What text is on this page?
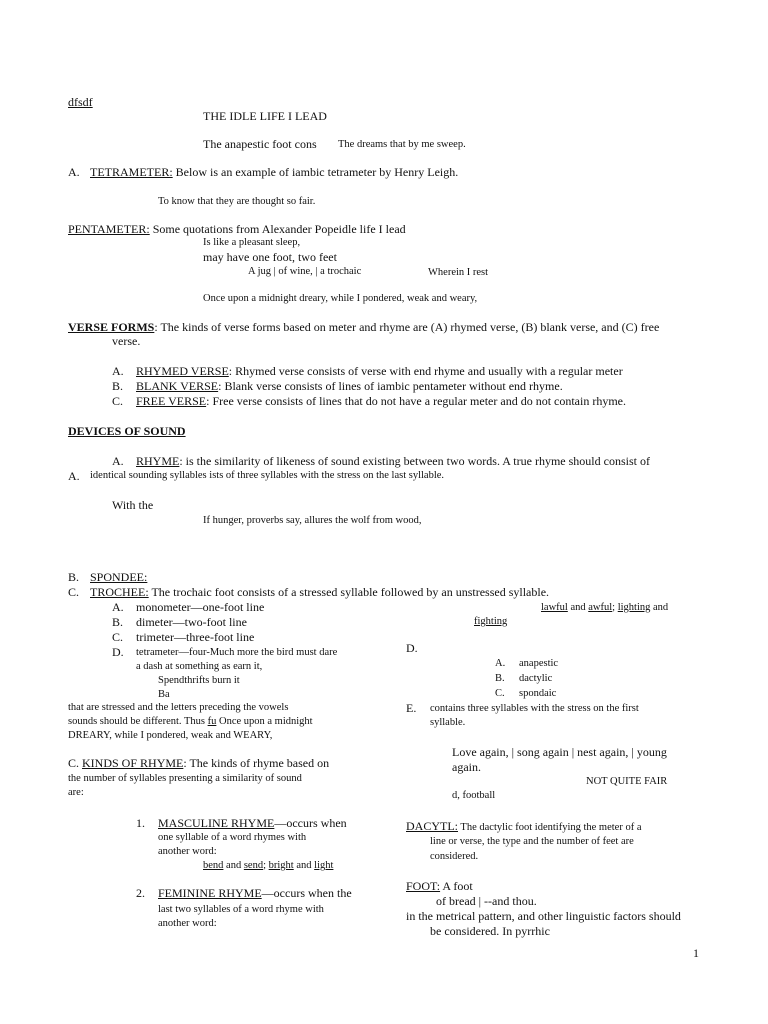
dfsdf
THE IDLE LIFE I LEAD
The anapestic foot cons The dreams that by me sweep.
A. TETRAMETER: Below is an example of iambic tetrameter by Henry Leigh.
To know that they are thought so fair.
PENTAMETER: Some quotations from Alexander Popeidle life I lead
Is like a pleasant sleep,
may have one foot, two feet
A jug | of wine, | a trochaic	Wherein I rest
Once upon a midnight dreary, while I pondered, weak and weary,
VERSE FORMS: The kinds of verse forms based on meter and rhyme are (A) rhymed verse, (B) blank verse, and (C) free
verse.
A. RHYMED VERSE: Rhymed verse consists of verse with end rhyme and usually with a regular meter
B. BLANK VERSE: Blank verse consists of lines of iambic pentameter without end rhyme.
C. FREE VERSE: Free verse consists of lines that do not have a regular meter and do not contain rhyme.
DEVICES OF SOUND
A. RHYME: is the similarity of likeness of sound existing between two words. A true rhyme should consist of
A. identical sounding syllables ists of three syllables with the stress on the last syllable.
With the
If hunger, proverbs say, allures the wolf from wood,
B. SPONDEE:
C. TROCHEE: The trochaic foot consists of a stressed syllable followed by an unstressed syllable.
lawful and awful; lighting and
fighting
A. monometer—one-foot line
B. dimeter—two-foot line
C. trimeter—three-foot line
D. tetrameter—four-Much more the bird must dare
a dash at something as earn it,
Spendthrifts burn it
Ba
that are stressed and the letters preceding the vowels
sounds should be different. Thus fu Once upon a midnight
DREARY, while I pondered, weak and WEARY,
D.
A. anapestic
B. dactylic
C. spondaic
E. contains three syllables with the stress on the first
syllable.
Love again, | song again | nest again, | young
again.
NOT QUITE FAIR
d, football
C. KINDS OF RHYME: The kinds of rhyme based on
the number of syllables presenting a similarity of sound
are:
1. MASCULINE RHYME—occurs when
one syllable of a word rhymes with
another word:
bend and send; bright and light
2. FEMININE RHYME—occurs when the
last two syllables of a word rhyme with
another word:
DACYTL: The dactylic foot identifying the meter of a
line or verse, the type and the number of feet are
considered.
FOOT: A foot
of bread | --and thou.
in the metrical pattern, and other linguistic factors should
be considered. In pyrrhic
1
